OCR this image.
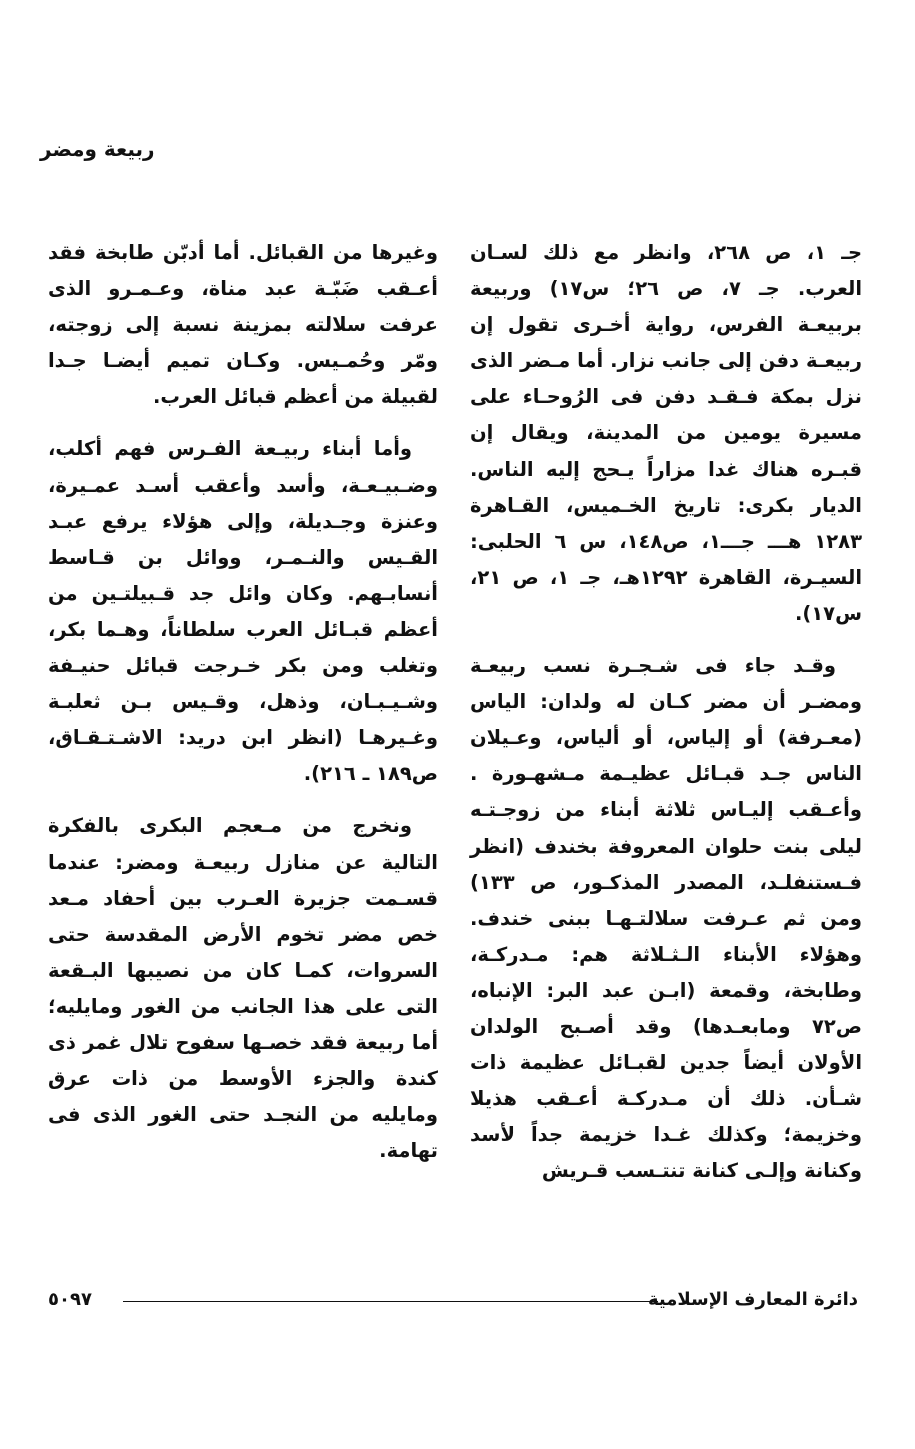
ربيعة ومضر

جـ ١، ص ٢٦٨، وانظر مع ذلك لسـان العرب. جـ ٧، ص ٢٦؛ س١٧) وربيعة بربيعـة الفرس، رواية أخـرى تقول إن ربيعـة دفن إلى جانب نزار. أما مـضر الذى نزل بمكة فـقـد دفن فى الرُوحـاء على مسيرة يومين من المدينة، ويقال إن قبـره هناك غدا مزاراً يـحج إليه الناس. الديار بكرى: تاريخ الخـميس، القـاهرة ١٢٨٣ هـــ جـــ١، ص١٤٨، س ٦ الحلبى: السيـرة، القاهرة ١٢٩٢هـ، جـ ١، ص ٢١، س١٧).

وقـد جاء فى شـجـرة نسب ربيعـة ومضـر أن مضر كـان له ولدان: الياس (معـرفة) أو إلياس، أو ألياس، وعـيلان الناس جـد قبـائل عظيـمة مـشهـورة . وأعـقب إليـاس ثلاثة أبناء من زوجـتـه ليلى بنت حلوان المعروفة بخندف (انظر فـستنفلـد، المصدر المذكـور، ص ١٣٣) ومن ثم عـرفت سلالتـهـا ببنى خندف. وهؤلاء الأبناء الـثـلاثة هم: مـدركـة، وطابخة، وقمعة (ابـن عبد البر: الإنباه، ص٧٢ ومابعـدها) وقد أصـبح الولدان الأولان أيضاً جدين لقبـائل عظيمة ذات شـأن. ذلك أن مـدركـة أعـقب هذيلا وخزيمة؛ وكذلك غـدا خزيمة جداً لأسد وكنانة وإلـى كنانة تنتـسب قـريش

وغيرها من القبائل. أما أدبّن طابخة فقد أعـقب ضَبّـة عبد مناة، وعـمـرو الذى عرفت سلالته بمزينة نسبة إلى زوجته، ومّر وحُمـيس. وكـان تميم أيضـا جـدا لقبيلة من أعظم قبائل العرب.

وأما أبناء ربيـعة الفـرس فهم أكلب، وضـبيـعـة، وأسد وأعقب أسـد عمـيرة، وعنزة وجـديلة، وإلى هؤلاء يرفع عبـد القـيس والنـمـر، ووائل بن قـاسط أنسابـهم. وكان وائل جد قـبيلتـين من أعظم قبـائل العرب سلطاناً، وهـما بكر، وتغلب ومن بكر خـرجت قبائل حنيـفة وشـيـبـان، وذهل، وقـيس بـن ثعلبـة وغـيرهـا (انظر ابن دريد: الاشـتـقـاق، ص١٨٩ ـ ٢١٦).

ونخرج من مـعجم البكرى بالفكرة التالية عن منازل ربيعـة ومضر: عندما قسـمت جزيرة العـرب بين أحفاد مـعد خص مضر تخوم الأرض المقدسة حتى السروات، كمـا كان من نصيبها البـقعة التى على هذا الجانب من الغور ومايليه؛ أما ربيعة فقد خصـها سفوح تلال غمر ذى كندة والجزء الأوسط من ذات عرق ومايليه من النجـد حتى الغور الذى فى تهامة.

دائرة المعارف الإسلامية
٥٠٩٧
